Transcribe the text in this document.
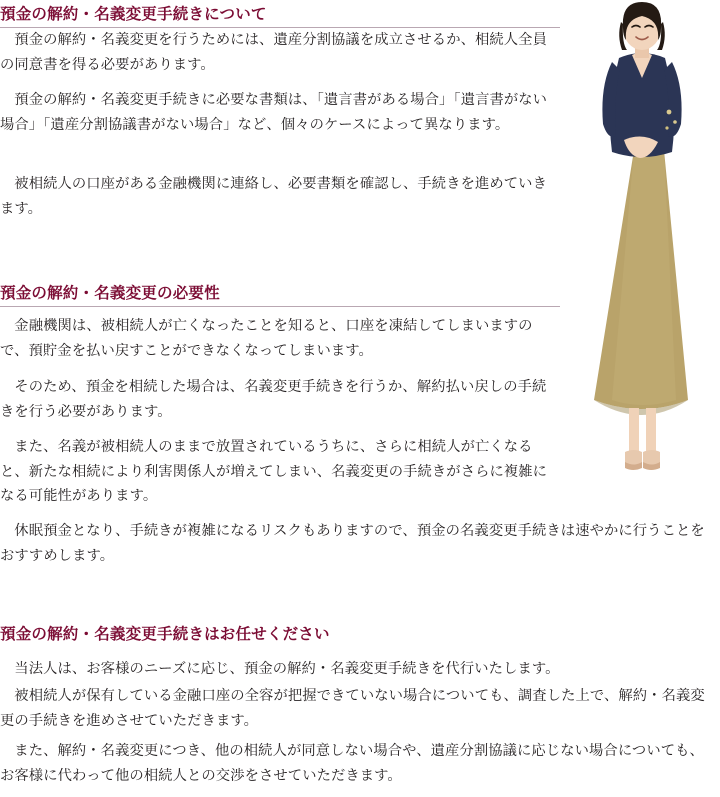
預金の解約・名義変更手続きについて

預金の解約・名義変更を行うためには、遺産分割協議を成立させるか、相続人全員の同意書を得る必要があります。

預金の解約・名義変更手続きに必要な書類は、「遺言書がある場合」「遺言書がない場合」「遺産分割協議書がない場合」など、個々のケースによって異なります。

被相続人の口座がある金融機関に連絡し、必要書類を確認し、手続きを進めていきます。

預金の解約・名義変更の必要性

金融機関は、被相続人が亡くなったことを知ると、口座を凍結してしまいますので、預貯金を払い戻すことができなくなってしまいます。

そのため、預金を相続した場合は、名義変更手続きを行うか、解約払い戻しの手続きを行う必要があります。

また、名義が被相続人のままで放置されているうちに、さらに相続人が亡くなると、新たな相続により利害関係人が増えてしまい、名義変更の手続きがさらに複雑になる可能性があります。

休眠預金となり、手続きが複雑になるリスクもありますので、預金の名義変更手続きは速やかに行うことをおすすめします。

預金の解約・名義変更手続きはお任せください

当法人は、お客様のニーズに応じ、預金の解約・名義変更手続きを代行いたします。

被相続人が保有している金融口座の全容が把握できていない場合についても、調査した上で、解約・名義変更の手続きを進めさせていただきます。

また、解約・名義変更につき、他の相続人が同意しない場合や、遺産分割協議に応じない場合についても、お客様に代わって他の相続人との交渉をさせていただきます。
